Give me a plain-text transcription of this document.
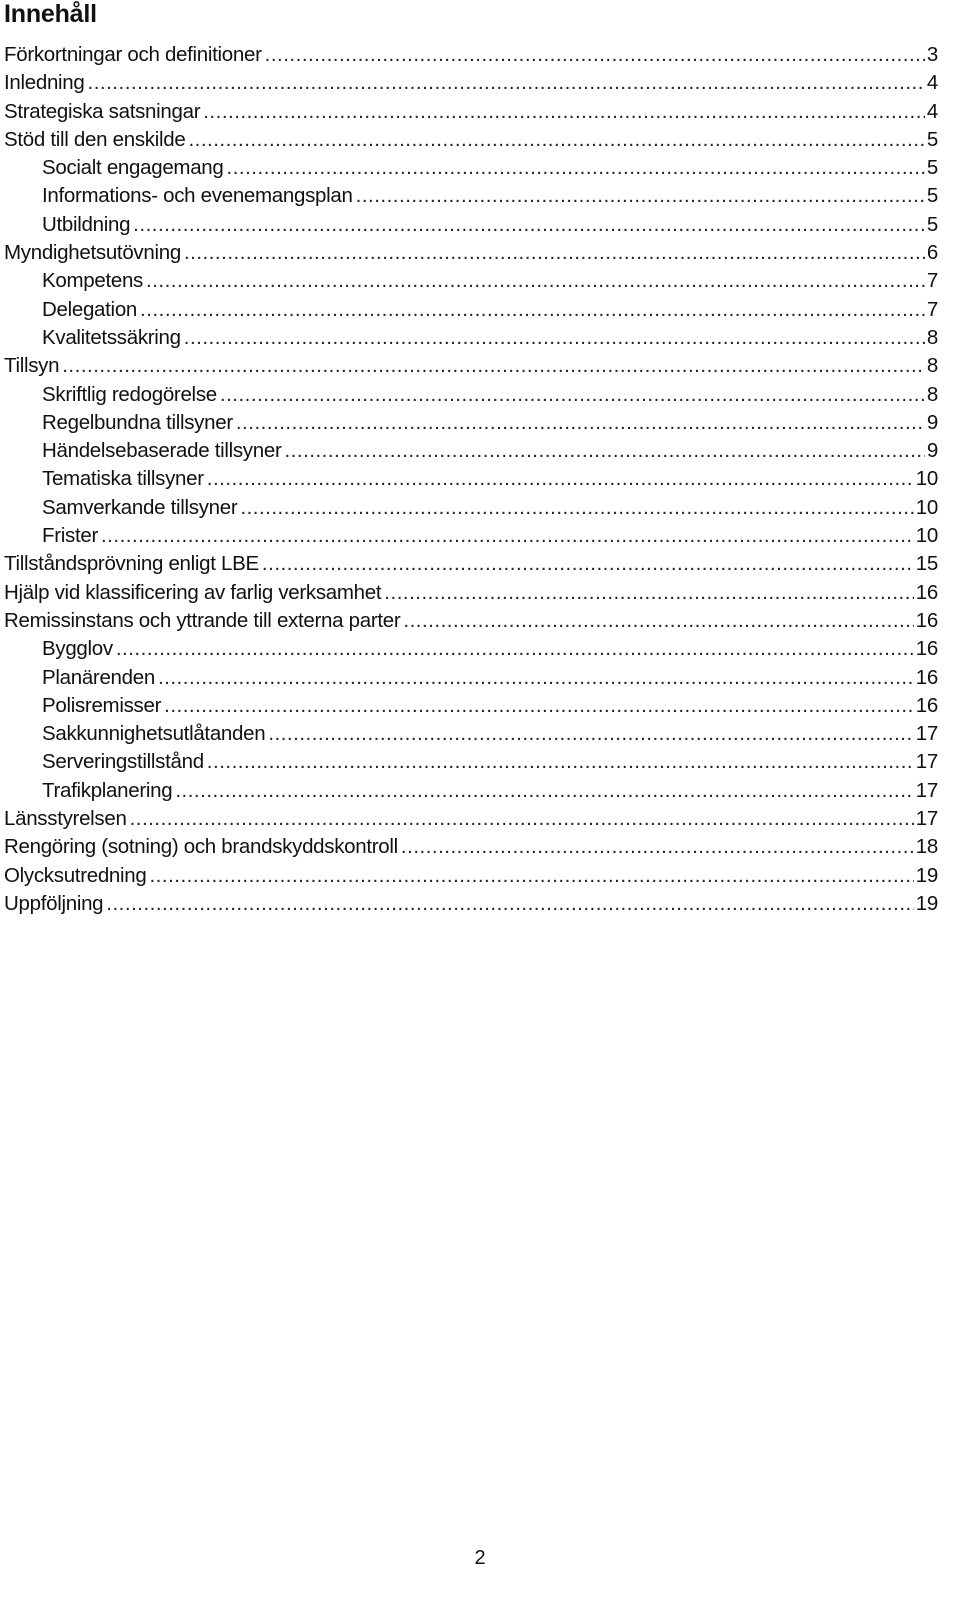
Innehåll
Förkortningar och definitioner .....	3
Inledning .....	4
Strategiska satsningar .....	4
Stöd till den enskilde .....	5
Socialt engagemang .....	5
Informations- och evenemangsplan .....	5
Utbildning .....	5
Myndighetsutövning .....	6
Kompetens .....	7
Delegation .....	7
Kvalitetssäkring .....	8
Tillsyn .....	8
Skriftlig redogörelse .....	8
Regelbundna tillsyner .....	9
Händelsebaserade tillsyner .....	9
Tematiska tillsyner .....	10
Samverkande tillsyner .....	10
Frister .....	10
Tillståndsprövning enligt LBE .....	15
Hjälp vid klassificering av farlig verksamhet .....	16
Remissinstans och yttrande till externa parter .....	16
Bygglov .....	16
Planärenden .....	16
Polisremisser .....	16
Sakkunnighetsutlåtanden .....	17
Serveringstillstånd .....	17
Trafikplanering .....	17
Länsstyrelsen .....	17
Rengöring (sotning) och brandskyddskontroll .....	18
Olycksutredning .....	19
Uppföljning .....	19
2
